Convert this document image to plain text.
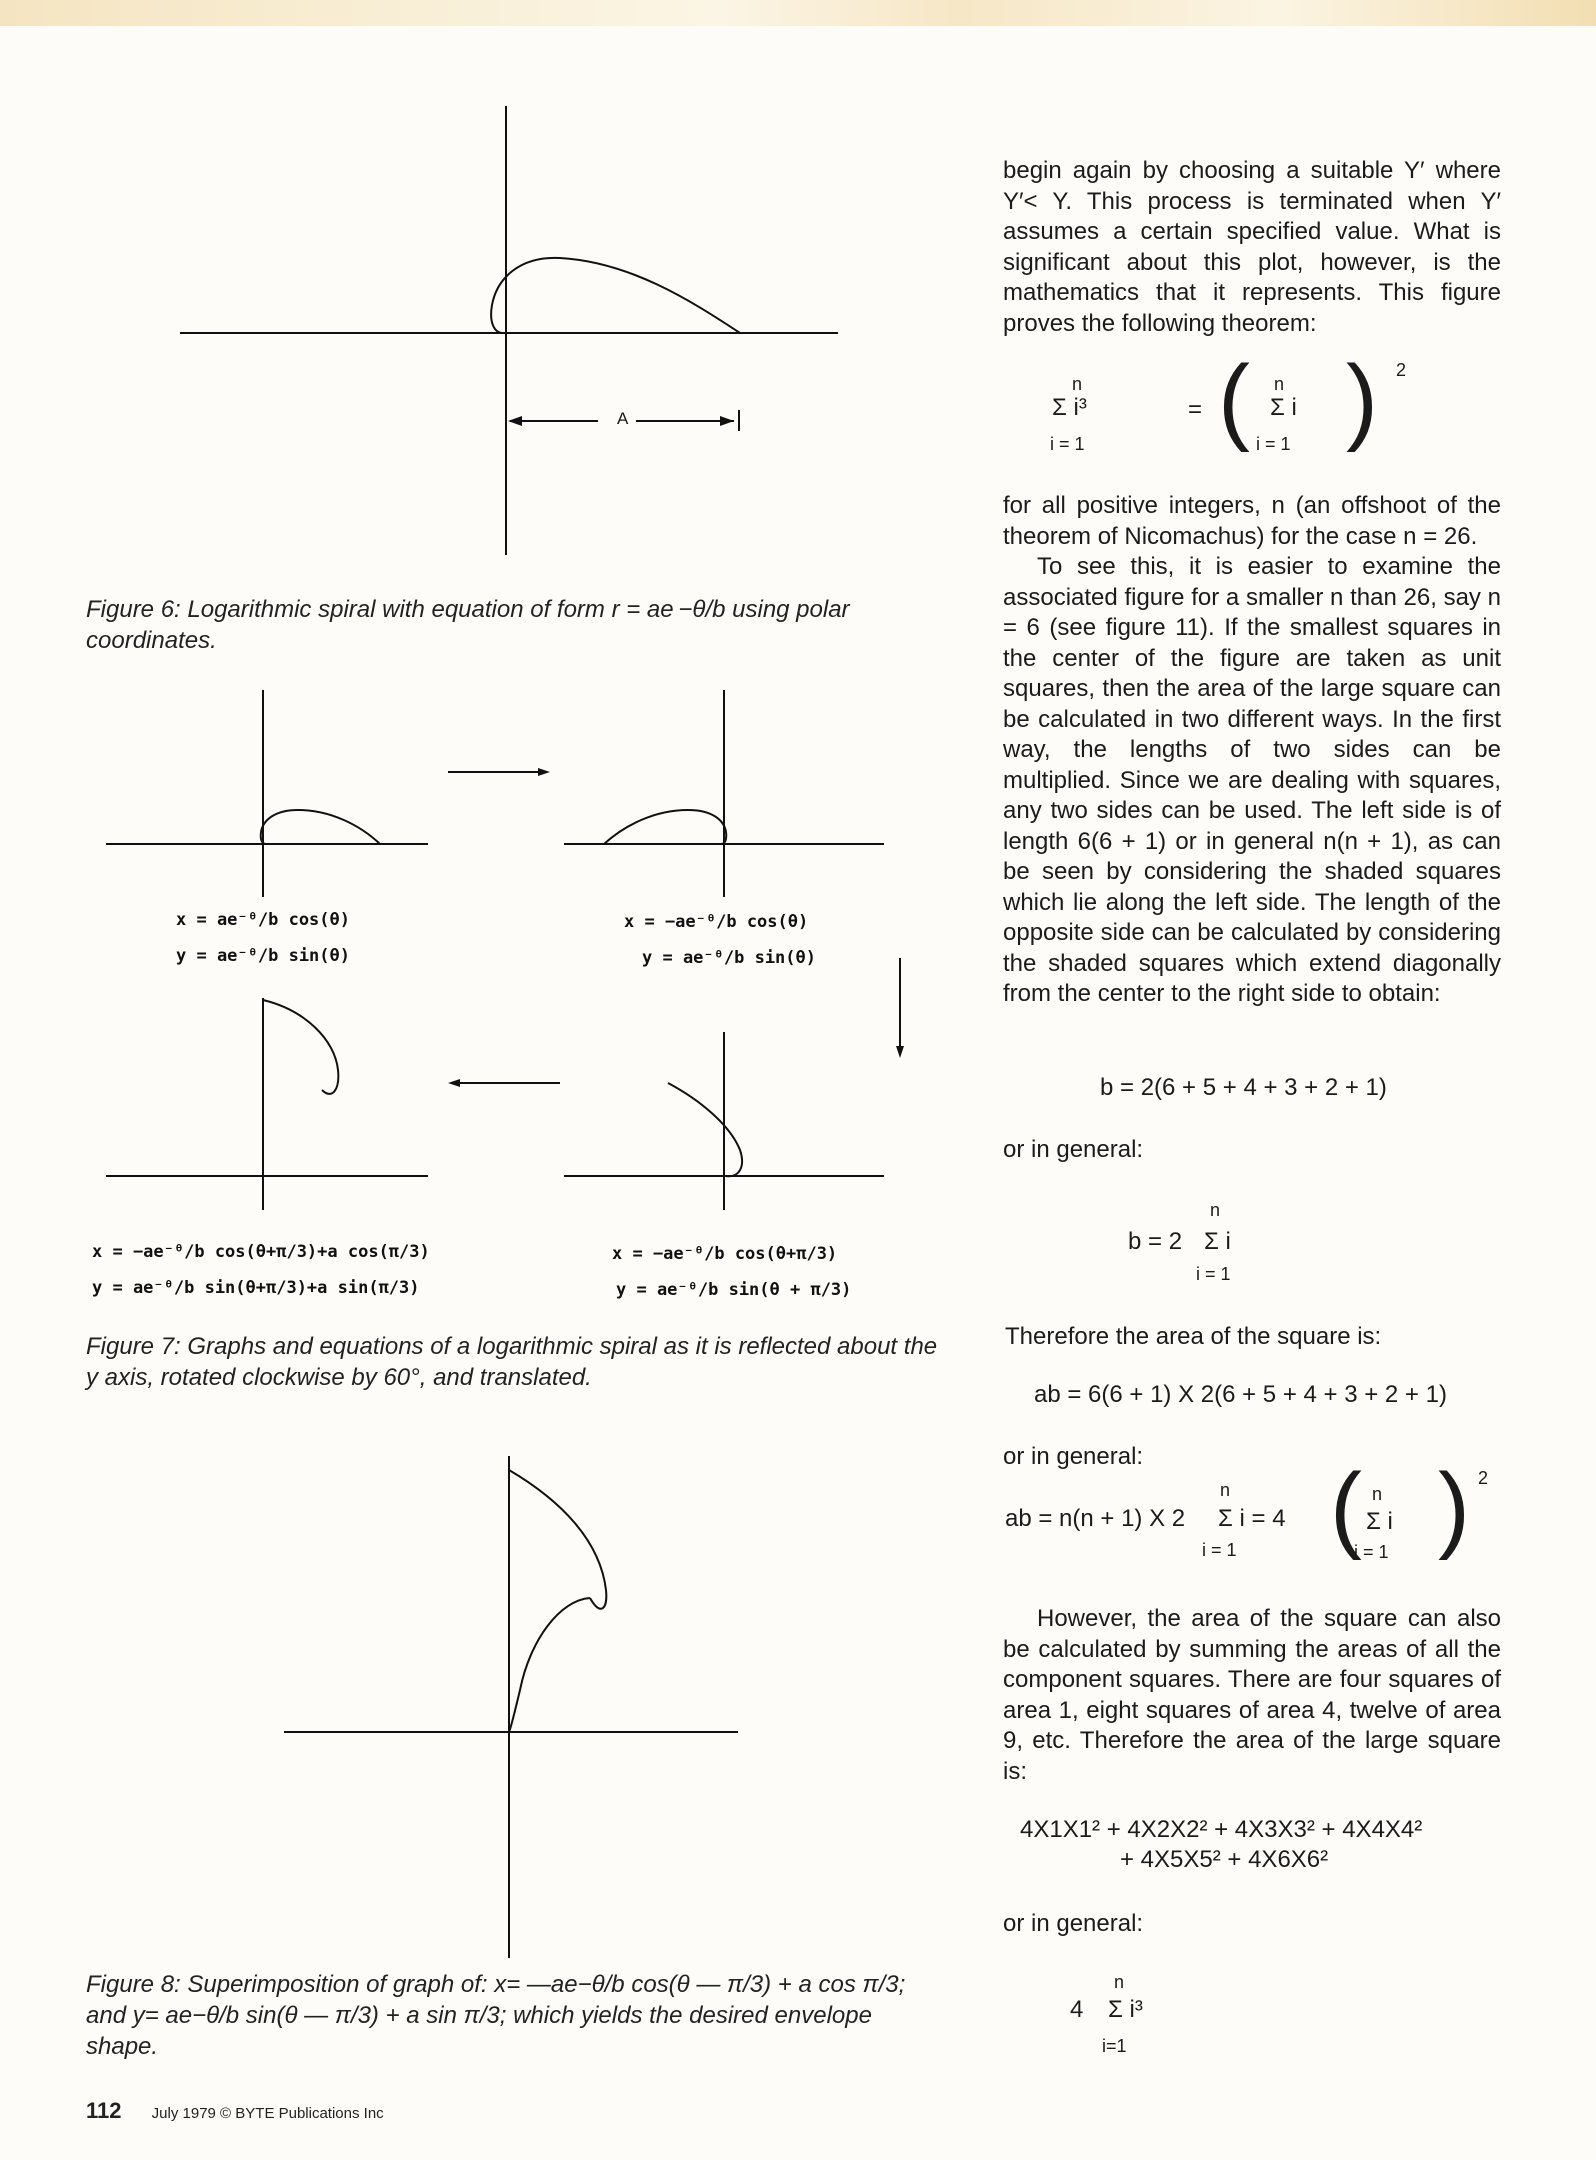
A
Figure 6: Logarithmic spiral with equation of form r = ae −θ/b using polar coordinates.
x = ae⁻ᶿ/b cos(θ)
y = ae⁻ᶿ/b sin(θ)
x = −ae⁻ᶿ/b cos(θ)
y = ae⁻ᶿ/b sin(θ)
x = −ae⁻ᶿ/b cos(θ+π/3)+a cos(π/3)
y = ae⁻ᶿ/b sin(θ+π/3)+a sin(π/3)
x = −ae⁻ᶿ/b cos(θ+π/3)
y = ae⁻ᶿ/b sin(θ + π/3)
Figure 7: Graphs and equations of a logarithmic spiral as it is reflected about the y axis, rotated clockwise by 60°, and translated.
Figure 8: Superimposition of graph of: x= —ae−θ/b cos(θ — π/3) + a cos π/3; and y= ae−θ/b sin(θ — π/3) + a sin π/3; which yields the desired envelope shape.

begin again by choosing a suitable Y′ where Y′< Y. This process is terminated when Y′ assumes a certain specified value. What is significant about this plot, however, is the mathematics that it represents. This figure proves the following theorem:

n
Σ i³
i = 1
= ( n
Σ i
i = 1 ) 2

for all positive integers, n (an offshoot of the theorem of Nicomachus) for the case n = 26.

To see this, it is easier to examine the associated figure for a smaller n than 26, say n = 6 (see figure 11). If the smallest squares in the center of the figure are taken as unit squares, then the area of the large square can be calculated in two different ways. In the first way, the lengths of two sides can be multiplied. Since we are dealing with squares, any two sides can be used. The left side is of length 6(6 + 1) or in general n(n + 1), as can be seen by considering the shaded squares which lie along the left side. The length of the opposite side can be calculated by considering the shaded squares which extend diagonally from the center to the right side to obtain:

b = 2(6 + 5 + 4 + 3 + 2 + 1)
or in general:
n
b = 2 Σ i
i = 1
Therefore the area of the square is:
ab = 6(6 + 1) X 2(6 + 5 + 4 + 3 + 2 + 1)
or in general:
n
ab = n(n + 1) X 2 Σ i = 4
i = 1 ( n
Σ i
i = 1 ) 2

However, the area of the square can also be calculated by summing the areas of all the component squares. There are four squares of area 1, eight squares of area 4, twelve of area 9, etc. Therefore the area of the large square is:

4X1X1² + 4X2X2² + 4X3X3² + 4X4X4²
+ 4X5X5² + 4X6X6²
or in general:
n
4 Σ i³
i=1
112 July 1979 © BYTE Publications Inc
